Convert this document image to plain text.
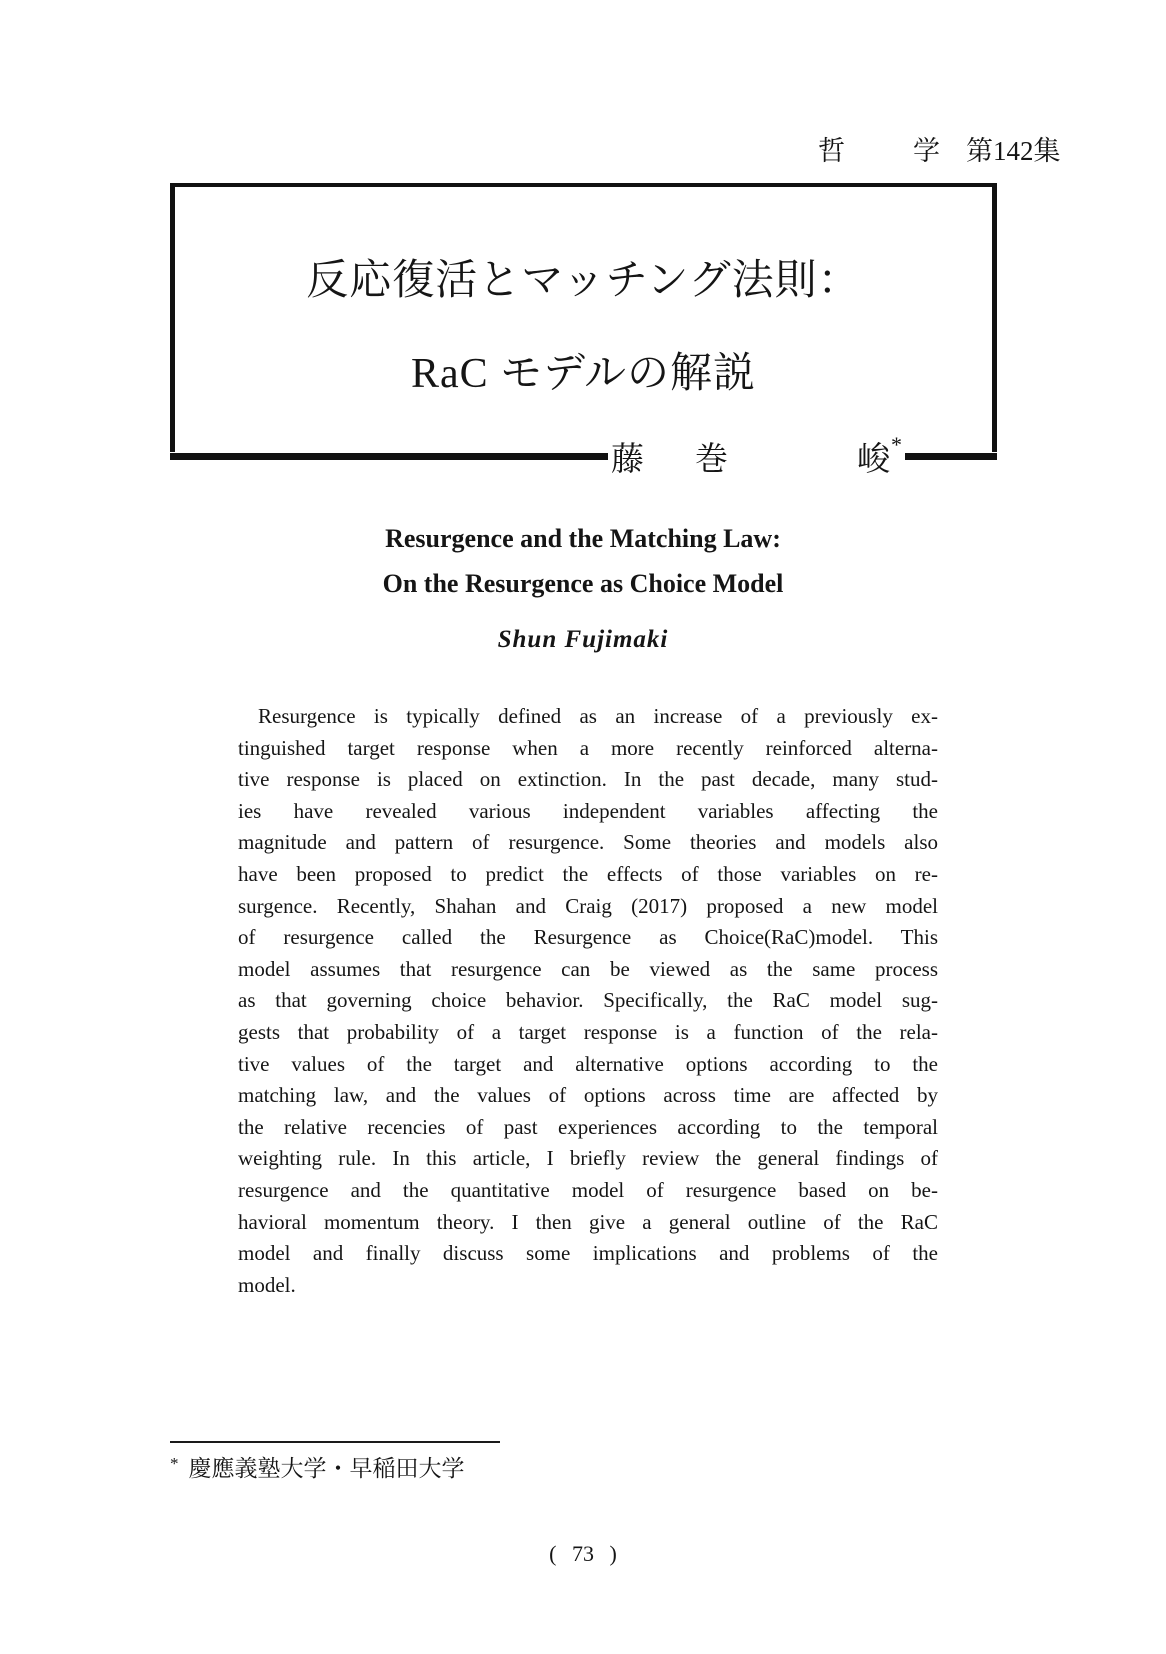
哲	学 第142集
反応復活とマッチング法則：
RaC モデルの解説
藤 巻	峻 *
Resurgence and the Matching Law:
On the Resurgence as Choice Model
Shun Fujimaki
Resurgence is typically defined as an increase of a previously ex-
tinguished target response when a more recently reinforced alterna-
tive response is placed on extinction. In the past decade, many stud-
ies have revealed various independent variables affecting the
magnitude and pattern of resurgence. Some theories and models also
have been proposed to predict the effects of those variables on re-
surgence. Recently, Shahan and Craig (2017) proposed a new model
of resurgence called the Resurgence as Choice(RaC)model. This
model assumes that resurgence can be viewed as the same process
as that governing choice behavior. Specifically, the RaC model sug-
gests that probability of a target response is a function of the rela-
tive values of the target and alternative options according to the
matching law, and the values of options across time are affected by
the relative recencies of past experiences according to the temporal
weighting rule. In this article, I briefly review the general findings of
resurgence and the quantitative model of resurgence based on be-
havioral momentum theory. I then give a general outline of the RaC
model and finally discuss some implications and problems of the
model.
* 慶應義塾大学・早稲田大学
( 73 )
